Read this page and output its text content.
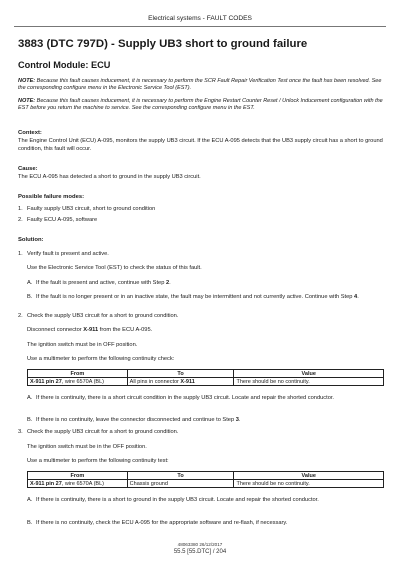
Electrical systems - FAULT CODES
3883 (DTC 797D) - Supply UB3 short to ground failure
Control Module: ECU
NOTE: Because this fault causes inducement, it is necessary to perform the SCR Fault Repair Verification Test once the fault has been resolved. See the corresponding configure menu in the Electronic Service Tool (EST).
NOTE: Because this fault causes inducement, it is necessary to perform the Engine Restart Counter Reset / Unlock Inducement configuration with the EST before you return the machine to service. See the corresponding configure menu in the EST.
Context:
The Engine Control Unit (ECU) A-095, monitors the supply UB3 circuit. If the ECU A-095 detects that the UB3 supply circuit has a short to ground condition, this fault will occur.
Cause:
The ECU A-095 has detected a short to ground in the supply UB3 circuit.
Possible failure modes:
1. Faulty supply UB3 circuit, short to ground condition
2. Faulty ECU A-095, software
Solution:
1. Verify fault is present and active.
Use the Electronic Service Tool (EST) to check the status of this fault.
A. If the fault is present and active, continue with Step 2.
B. If the fault is no longer present or in an inactive state, the fault may be intermittent and not currently active. Continue with Step 4.
2. Check the supply UB3 circuit for a short to ground condition.
Disconnect connector X-911 from the ECU A-095.
The ignition switch must be in OFF position.
Use a multimeter to perform the following continuity check:
From	To	Value
X-911 pin 27, wire 6570A (BL)	All pins in connector X-911	There should be no continuity.
A. If there is continuity, there is a short circuit condition in the supply UB3 circuit. Locate and repair the shorted conductor.
B. If there is no continuity, leave the connector disconnected and continue to Step 3.
3. Check the supply UB3 circuit for a short to ground condition.
The ignition switch must be in the OFF position.
Use a multimeter to perform the following continuity test:
From	To	Value
X-911 pin 27, wire 6570A (BL)	Chassis ground	There should be no continuity.
A. If there is continuity, there is a short to ground in the supply UB3 circuit. Locate and repair the shorted conductor.
B. If there is no continuity, check the ECU A-095 for the appropriate software and re-flash, if necessary.
48063380 26/12/2017
55.5 [55.DTC] / 204
